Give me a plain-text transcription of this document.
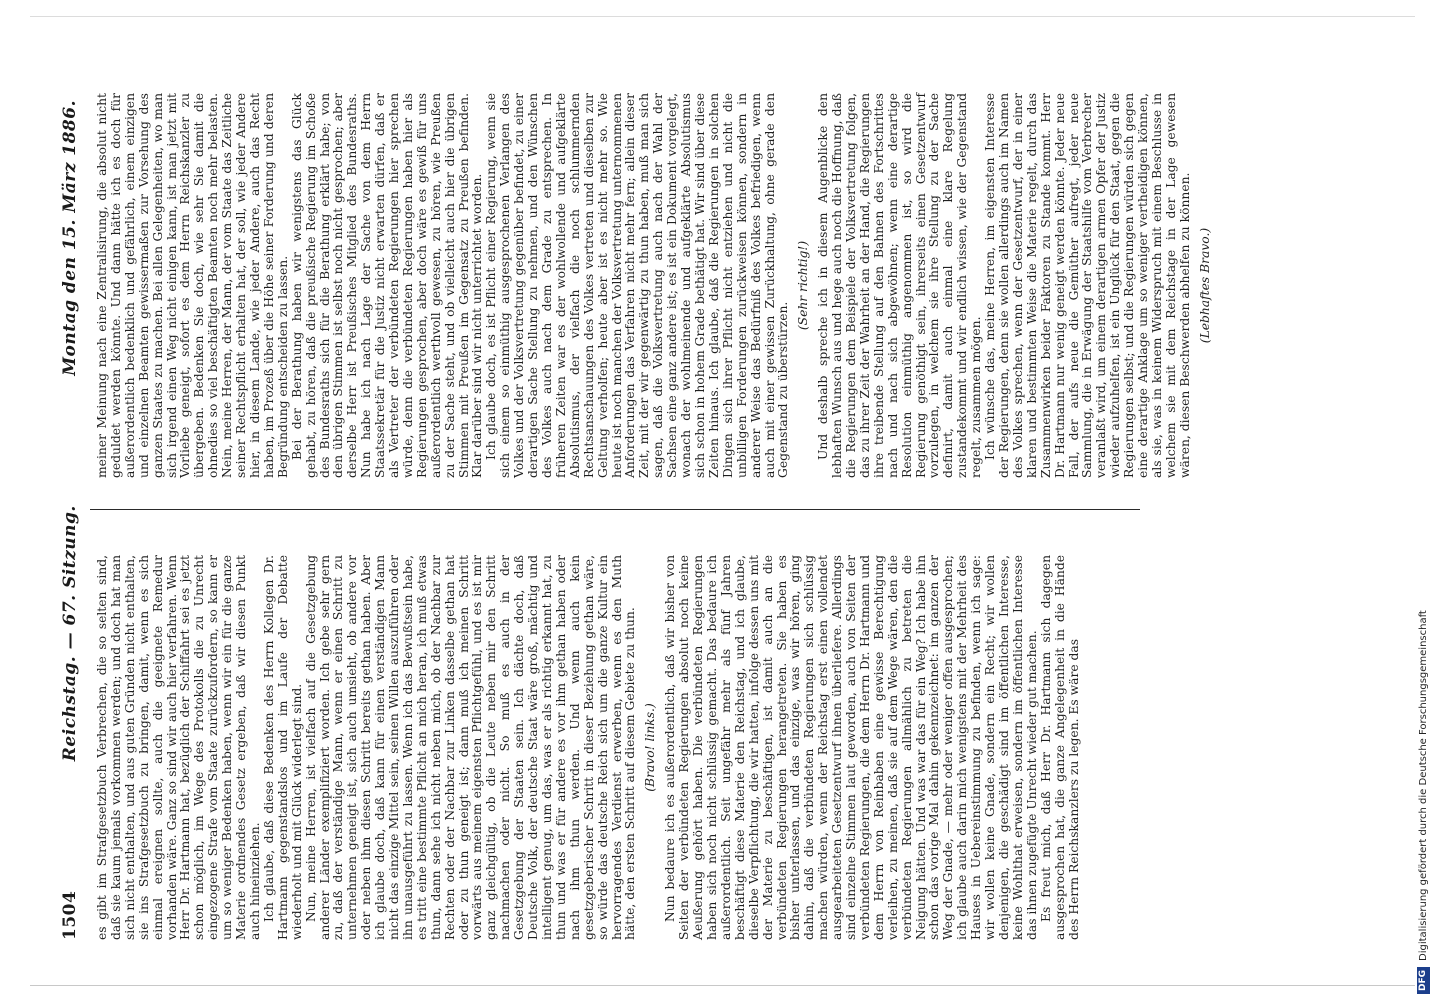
1504
Reichstag. — 67. Sitzung.
Montag den 15. März 1886.

es gibt im Strafgesetzbuch Verbrechen, die so selten sind, daß sie kaum jemals vorkommen werden; und doch hat man sich nicht enthalten, und aus guten Gründen nicht enthalten, sie ins Strafgesetzbuch zu bringen, damit, wenn es sich einmal ereignen sollte, auch die geeignete Remedur vorhanden wäre. Ganz so sind wir auch hier verfahren. Wenn Herr Dr. Hartmann hat, bezüglich der Schiffahrt sei es jetzt schon möglich, im Wege des Protokolls die zu Unrecht eingezogene Strafe vom Staate zurückzufordern, so kann er um so weniger Bedenken haben, wenn wir ein für die ganze Materie ordnendes Gesetz ergeben, daß wir diesen Punkt auch hineinziehen. Ich glaube, daß diese Bedenken des Herrn Kollegen Dr. Hartmann gegenstandslos und im Laufe der Debatte wiederholt und mit Glück widerlegt sind. Nun, meine Herren, ist vielfach auf die Gesetzgebung anderer Länder exemplifiziert worden. Ich gebe sehr gern zu, daß der verständige Mann, wenn er einen Schritt zu unternehmen geneigt ist, sich auch umsieht, ob andere vor oder neben ihm diesen Schritt bereits gethan haben. Aber ich glaube doch, daß kann für einen verständigen Mann nicht das einzige Mittel sein, seinen Willen auszuführen oder ihn unausgeführt zu lassen. Wenn ich das Bewußtsein habe, es tritt eine bestimmte Pflicht an mich heran, ich muß etwas thun, dann sehe ich nicht neben mich, ob der Nachbar zur Rechten oder der Nachbar zur Linken dasselbe gethan hat oder zu thun geneigt ist; dann muß ich meinen Schritt vorwärts aus meinem eigensten Pflichtgefühl, und es ist mir ganz gleichgültig, ob die Leute neben mir den Schritt nachmachen oder nicht. So muß es auch in der Gesetzgebung der Staaten sein. Ich dächte doch, daß Deutsche Volk, der deutsche Staat wäre groß, mächtig und intelligent genug, um das, was er als richtig erkannt hat, zu thun und was er für andere es vor ihm gethan haben oder nach ihm thun werden. Und wenn auch kein gesetzgeberischer Schritt in dieser Beziehung gethan wäre, so würde das deutsche Reich sich um die ganze Kultur ein hervorragendes Verdienst erwerben, wenn es den Muth hätte, den ersten Schritt auf diesem Gebiete zu thun. (Bravo! links.) Nun bedaure ich es außerordentlich, daß wir bisher von Seiten der verbündeten Regierungen absolut noch keine Aeußerung gehört haben. Die verbündeten Regierungen haben sich noch nicht schlüssig gemacht. Das bedaure ich außerordentlich. Seit ungefähr mehr als fünf Jahren beschäftigt diese Materie den Reichstag, und ich glaube, dieselbe Verpflichtung, die wir hatten, infolge dessen uns mit der Materie zu beschäftigen, ist damit auch an die verbündeten Regierungen herangetreten. Sie haben es bisher unterlassen, und das einzige, was wir hören, ging dahin, daß die verbündeten Regierungen sich schlüssig machen würden, wenn der Reichstag erst einen vollendet ausgearbeiteten Gesetzentwurf ihnen überliefere. Allerdings sind einzelne Stimmen laut geworden, auch von Seiten der verbündeten Regierungen, die dem Herrn Dr. Hartmann und dem Herrn von Reinbaben eine gewisse Berechtigung verleihen, zu meinen, daß sie auf dem Wege wären, den die verbündeten Regierungen allmählich zu betreten die Neigung hätten. Und was war das für ein Weg? Ich habe ihn schon das vorige Mal dahin gekennzeichnet: im ganzen der Weg der Gnade, — mehr oder weniger offen ausgesprochen; ich glaube auch darin mich wenigstens mit der Mehrheit des Hauses in Uebereinstimmung zu befinden, wenn ich sage: wir wollen keine Gnade, sondern ein Recht; wir wollen denjenigen, die geschädigt sind im öffentlichen Interesse, keine Wohlthat erweisen, sondern im öffentlichen Interesse das ihnen zugefügte Unrecht wieder gut machen. Es freut mich, daß Herr Dr. Hartmann sich dagegen ausgesprochen hat, die ganze Angelegenheit in die Hände des Herrn Reichskanzlers zu legen. Es wäre das

meiner Meinung nach eine Zentralisirung, die absolut nicht geduldet werden könnte. Und dann hätte ich es doch für außerordentlich bedenklich und gefährlich, einem einzigen und einzelnen Beamten gewissermaßen zur Vorsehung des ganzen Staates zu machen. Bei allen Gelegenheiten, wo man sich irgend einen Weg nicht einigen kann, ist man jetzt mit Vorliebe geneigt, sofort es dem Herrn Reichskanzler zu übergeben. Bedenken Sie doch, wie sehr Sie damit die ohnedies so viel beschäftigten Beamten noch mehr belasten. Nein, meine Herren, der Mann, der vom Staate das Zeitliche seiner Rechtspflicht erhalten hat, der soll, wie jeder Andere hier, in diesem Lande, wie jeder Andere, auch das Recht haben, im Prozeß über die Höhe seiner Forderung und deren Begründung entscheiden zu lassen. Bei der Berathung haben wir wenigstens das Glück gehabt, zu hören, daß die preußische Regierung im Schoße des Bundesraths sich für die Berathung erklärt habe; von den übrigen Stimmen ist selbst noch nicht gesprochen; aber derselbe Herr ist Preußisches Mitglied des Bundesraths. Nun habe ich nach Lage der Sache von dem Herrn Staatssekretär für die Justiz nicht erwarten dürfen, daß er als Vertreter der verbündeten Regierungen hier sprechen würde, denn die verbündeten Regierungen haben hier als Regierungen gesprochen, aber doch wäre es gewiß für uns außerordentlich werthvoll gewesen, zu hören, wie Preußen zu der Sache steht, und ob vielleicht auch hier die übrigen Stimmen mit Preußen im Gegensatz zu Preußen befinden. Klar darüber sind wir nicht unterrichtet worden. Ich glaube doch, es ist Pflicht einer Regierung, wenn sie sich einem so einmüthig ausgesprochenen Verlangen des Volkes und der Volksvertretung gegenüber befindet, zu einer derartigen Sache Stellung zu nehmen, und den Wünschen des Volkes auch nach dem Grade zu entsprechen. In früheren Zeiten war es der wohlwollende und aufgeklärte Absolutismus, der vielfach die noch schlummernden Rechtsanschauungen des Volkes vertreten und dieselben zur Geltung verholfen; heute aber ist es nicht mehr so. Wie heute ist noch manchen der Volksvertretung unternommenen Anforderungen das Verfahren nicht mehr fern; allein dieser Zeit, mit der wir gegenwärtig zu thun haben, muß man sich sagen, daß die Volksvertretung auch nach der Wahl der Sachsen eine ganz andere ist; es ist ein Dokument vorgelegt, wonach der wohlmeinende und aufgeklärte Absolutismus sich schon in hohem Grade bethätigt hat. Wir sind über diese Zeiten hinaus. Ich glaube, daß die Regierungen in solchen Dingen sich ihrer Pflicht nicht entziehen und nicht die unbilligen Forderungen zurückweisen können, sondern in anderer Weise das Bedürfniß des Volkes befriedigen, wenn auch mit einer gewissen Zurückhaltung, ohne gerade den Gegenstand zu überstürzen.

(Sehr richtig!) Und deshalb spreche ich in diesem Augenblicke den lebhaften Wunsch aus und hege auch noch die Hoffnung, daß die Regierungen dem Beispiele der Volksvertretung folgen, das zu ihrer Zeit der Wahrheit an der Hand, die Regierungen ihre treibende Stellung auf den Bahnen des Fortschrittes nach und nach sich abgewöhnen; wenn eine derartige Resolution einmüthig angenommen ist, so wird die Regierung genöthigt sein, ihrerseits einen Gesetzentwurf vorzulegen, in welchem sie ihre Stellung zu der Sache definirt, damit auch einmal eine klare Regelung zustandekommt und wir endlich wissen, wie der Gegenstand regelt, zusammen mögen. Ich wünsche das, meine Herren, im eigensten Interesse der Regierungen, denn sie wollen allerdings auch im Namen des Volkes sprechen, wenn der Gesetzentwurf, der in einer klaren und bestimmten Weise die Materie regelt, durch das Zusammenwirken beider Faktoren zu Stande kommt. Herr Dr. Hartmann nur wenig geneigt werden könnte. Jeder neue Fall, der aufs neue die Gemüther aufregt, jeder neue Sammlung, die in Erwägung der Staatshilfe vom Verbrecher veranlaßt wird, um einem derartigen armen Opfer der Justiz wieder aufzuhelfen, ist ein Unglück für den Staat, gegen die Regierungen selbst; und die Regierungen würden sich gegen eine derartige Anklage um so weniger vertheidigen können, als sie, was in keinem Widerspruch mit einem Beschlusse in welchem sie mit dem Reichstage in der Lage gewesen wären, diesen Beschwerden abhelfen zu können. (Lebhaftes Bravo.)

DFG
Digitalisierung gefördert durch die Deutsche Forschungsgemeinschaft
